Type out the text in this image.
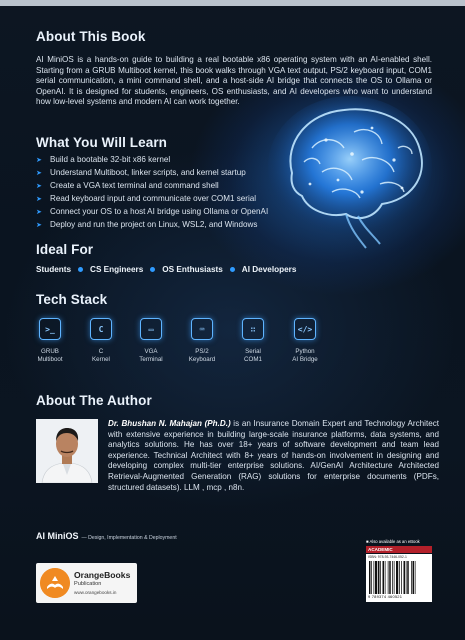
About This Book

AI MiniOS is a hands-on guide to building a real bootable x86 operating system with an AI-enabled shell. Starting from a GRUB Multiboot kernel, this book walks through VGA text output, PS/2 keyboard input, COM1 serial communication, a mini command shell, and a host-side AI bridge that connects the OS to Ollama or OpenAI. It is designed for students, engineers, OS enthusiasts, and AI developers who want to understand how low-level systems and modern AI can work together.

What You Will Learn
➤ Build a bootable 32-bit x86 kernel
➤ Understand Multiboot, linker scripts, and kernel startup
➤ Create a VGA text terminal and command shell
➤ Read keyboard input and communicate over COM1 serial
➤ Connect your OS to a host AI bridge using Ollama or OpenAI
➤ Deploy and run the project on Linux, WSL2, and Windows
Ideal For
Students CS Engineers OS Enthusiasts AI Developers
Tech Stack
>_
GRUB
Multiboot
C
C
Kernel
▭
VGA
Terminal
⌨
PS/2
Keyboard
∷
Serial
COM1
</>
Python
AI Bridge
About The Author

Dr. Bhushan N. Mahajan (Ph.D.) is an Insurance Domain Expert and Technology Architect with extensive experience in building large-scale insurance platforms, data systems, and analytics solutions. He has over 18+ years of software development and team lead experience. Technical Architect with 8+ years of hands-on involvement in designing and developing complex multi-tier enterprise solutions. AI/GenAI Architecture Architected Retrieval-Augmented Generation (RAG) solutions for enterprise documents (PDFs, structured datasets). LLM , mcp , n8n.

AI MiniOS — Design, Implementation & Deployment
OrangeBooks
Publication
www.orangebooks.in
■ Also available as an eBook
ACADEMIC
ISBN: 978-93-7446-052-1
9 789374 460521
